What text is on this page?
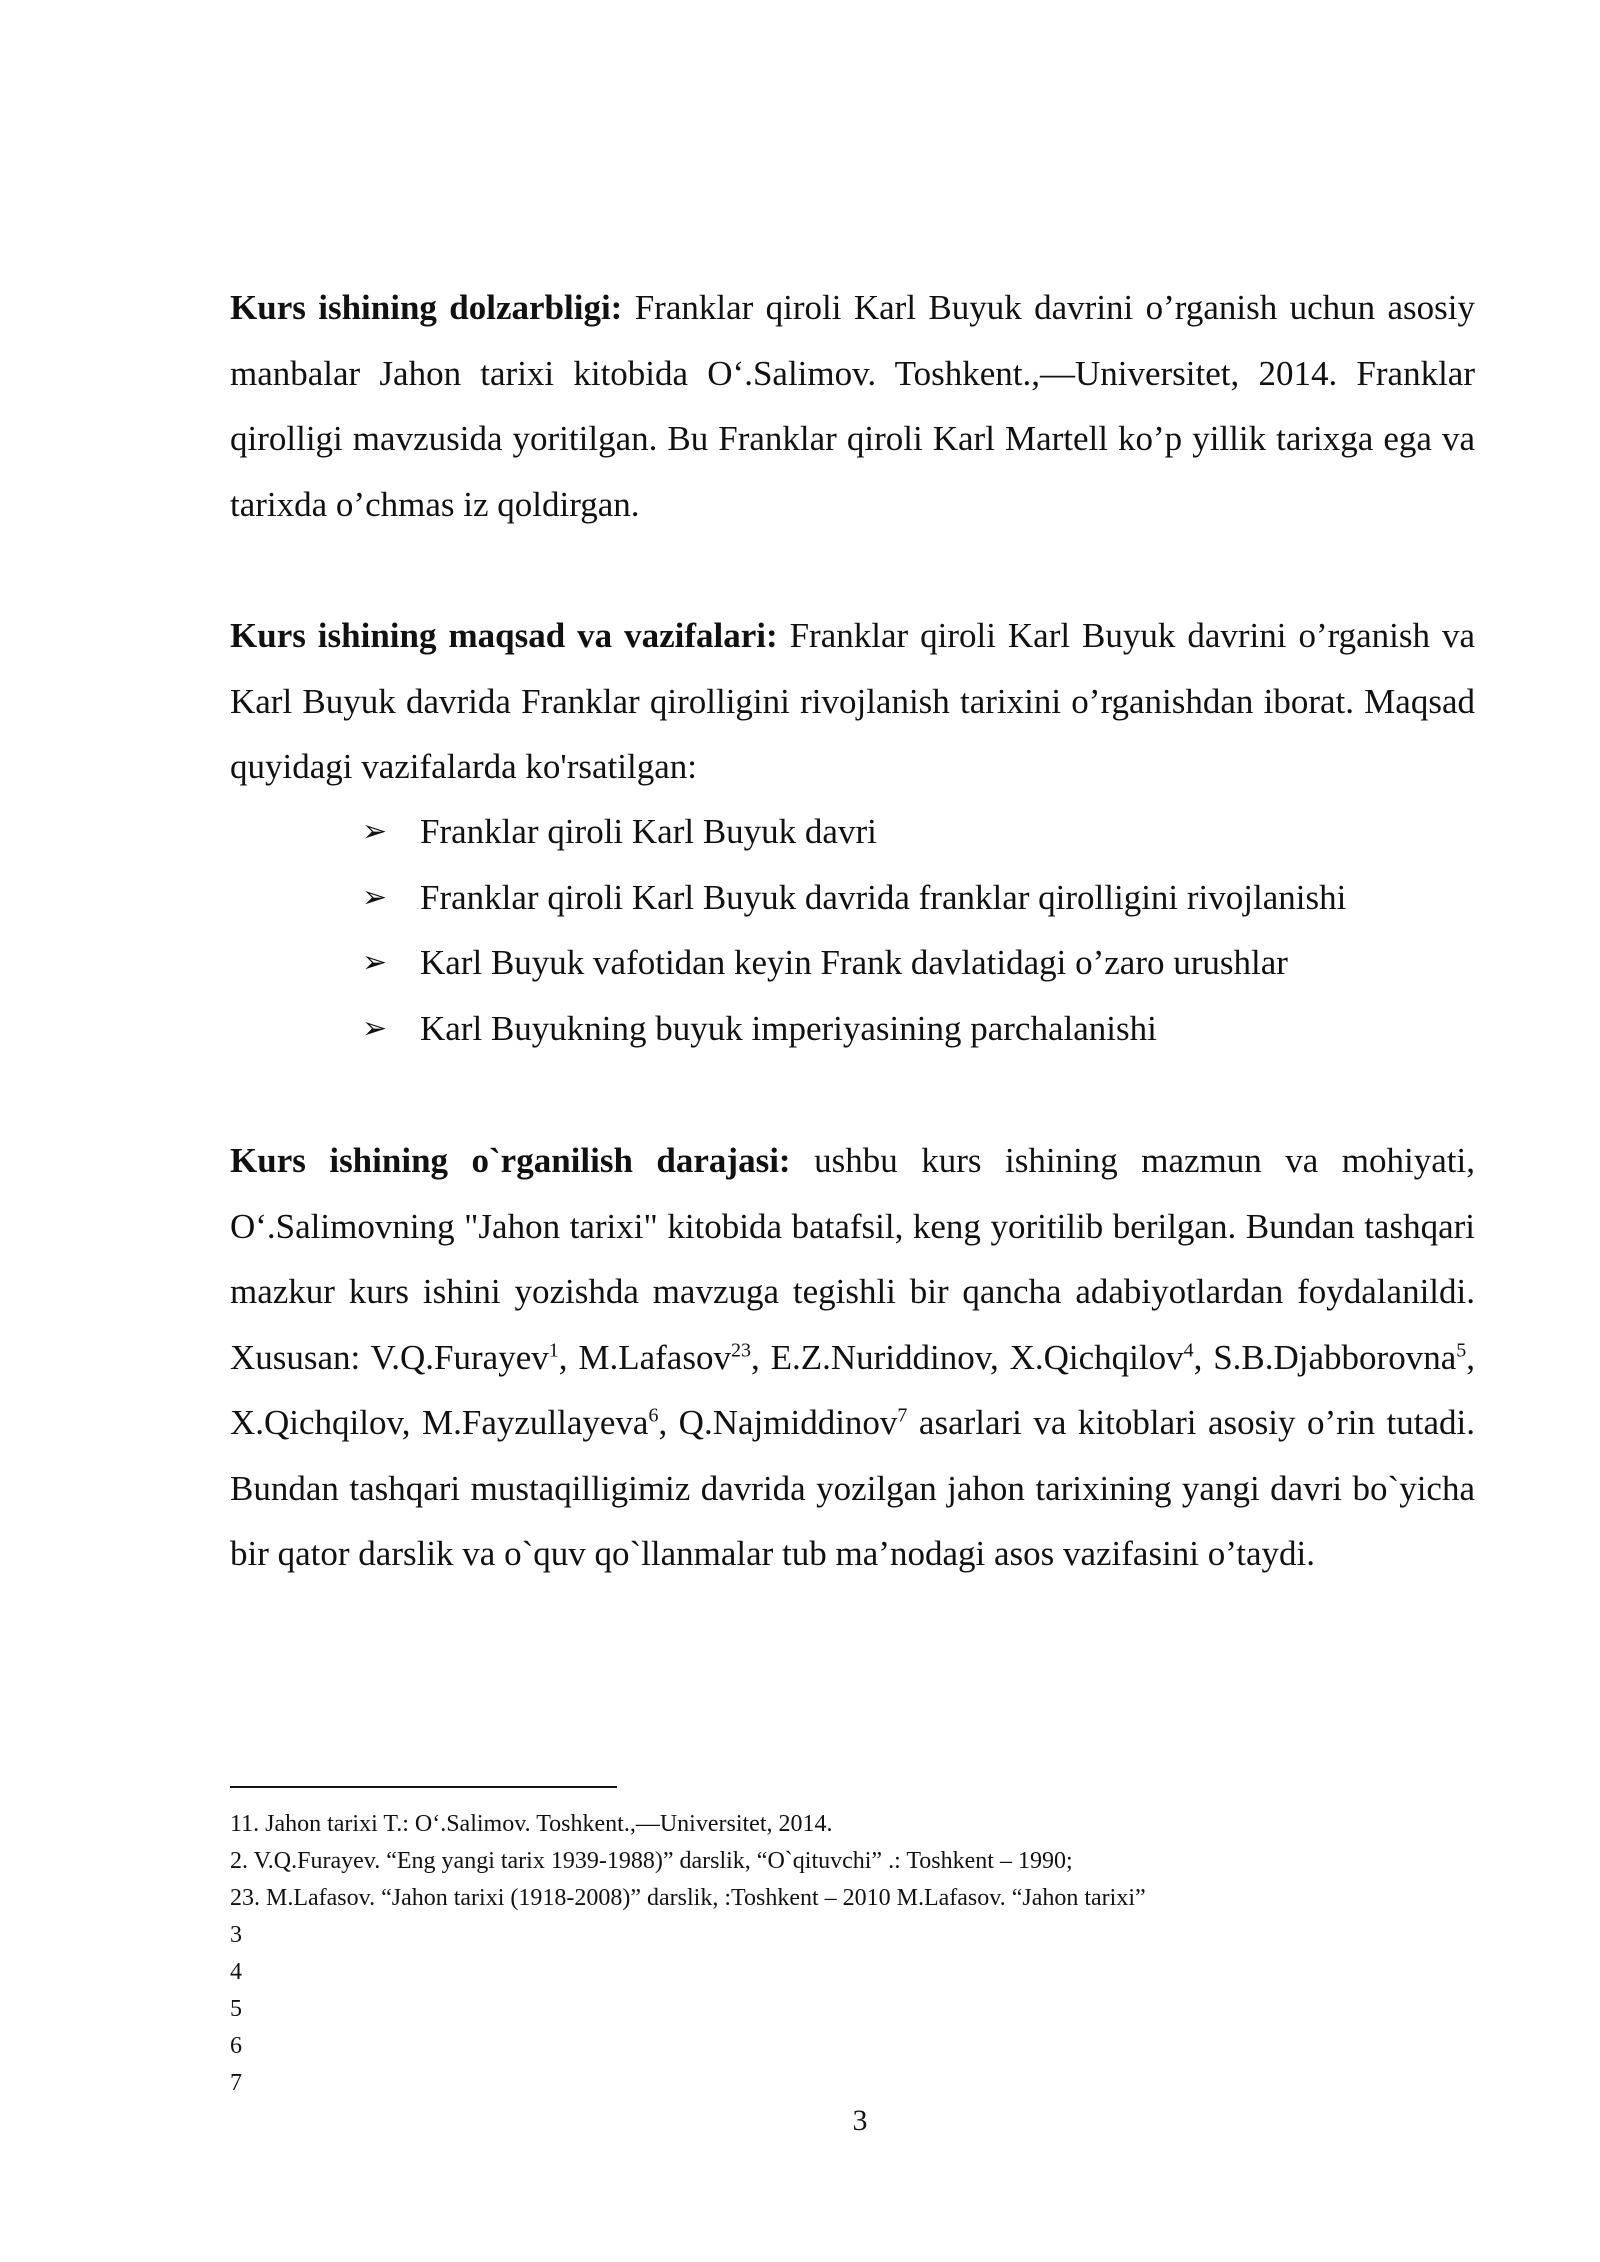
Kurs ishining dolzarbligi: Franklar qiroli Karl Buyuk davrini o’rganish uchun asosiy manbalar Jahon tarixi kitobida O‘.Salimov. Toshkent.,—Universitet, 2014. Franklar qirolligi mavzusida yoritilgan. Bu Franklar qiroli Karl Martell ko’p yillik tarixga ega va tarixda o’chmas iz qoldirgan.

Kurs ishining maqsad va vazifalari: Franklar qiroli Karl Buyuk davrini o’rganish va Karl Buyuk davrida Franklar qirolligini rivojlanish tarixini o’rganishdan iborat. Maqsad quyidagi vazifalarda ko'rsatilgan:

➢ Franklar qiroli Karl Buyuk davri
➢ Franklar qiroli Karl Buyuk davrida franklar qirolligini rivojlanishi
➢ Karl Buyuk vafotidan keyin Frank davlatidagi o’zaro urushlar
➢ Karl Buyukning buyuk imperiyasining parchalanishi

Kurs ishining o`rganilish darajasi: ushbu kurs ishining mazmun va mohiyati, O‘.Salimovning "Jahon tarixi" kitobida batafsil, keng yoritilib berilgan. Bundan tashqari mazkur kurs ishini yozishda mavzuga tegishli bir qancha adabiyotlardan foydalanildi. Xususan: V.Q.Furayev$^1$, M.Lafasov$^{23}$, E.Z.Nuriddinov, X.Qichqilov$^4$, S.B.Djabborovna$^5$, X.Qichqilov, M.Fayzullayeva$^6$, Q.Najmiddinov$^7$ asarlari va kitoblari asosiy o’rin tutadi. Bundan tashqari mustaqilligimiz davrida yozilgan jahon tarixining yangi davri bo`yicha bir qator darslik va o`quv qo`llanmalar tub ma’nodagi asos vazifasini o’taydi.

11. Jahon tarixi T.: O‘.Salimov. Toshkent.,—Universitet, 2014.
2. V.Q.Furayev. “Eng yangi tarix 1939-1988)” darslik, “O`qituvchi” .: Toshkent – 1990;
23. M.Lafasov. “Jahon tarixi (1918-2008)” darslik, :Toshkent – 2010 M.Lafasov. “Jahon tarixi”
3
4
5
6
7
3
